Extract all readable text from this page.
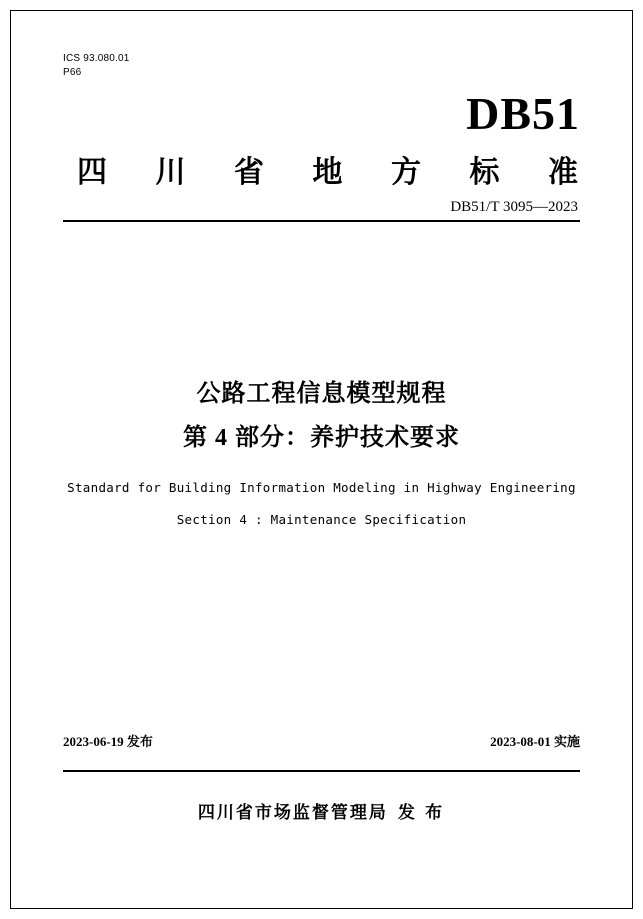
ICS 93.080.01
P66
DB51
四 川 省 地 方 标 准
DB51/T 3095—2023
公路工程信息模型规程
第 4 部分：养护技术要求
Standard for Building Information Modeling in Highway Engineering
Section 4 : Maintenance Specification
2023-06-19 发布	2023-08-01 实施
四川省市场监督管理局 发 布
